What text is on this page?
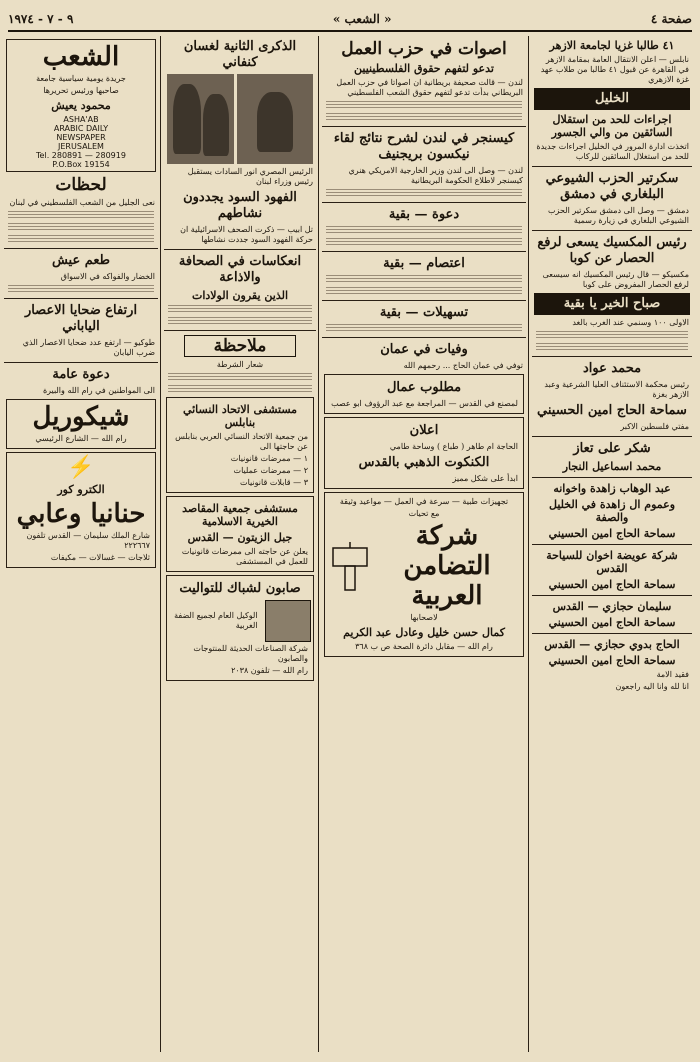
صفحة ٤
« الشعب »
٩ - ٧ - ١٩٧٤
٤١ طالبا غزيا لجامعة الازهر
نابلس — اعلن الانتقال العامة بمقامة الازهر في القاهرة عن قبول ٤١ طالبا من طلاب عهد غزة الازهري
الخليل
اجراءات للحد من استقلال السائقين من والي الجسور
اتخذت ادارة المرور في الخليل اجراءات جديدة للحد من استغلال السائقين للركاب
سكرتير الحزب الشيوعي البلغاري في دمشق
دمشق — وصل الى دمشق سكرتير الحزب الشيوعي البلغاري في زيارة رسمية
رئيس المكسيك يسعى لرفع الحصار عن كوبا
مكسيكو — قال رئيس المكسيك انه سيسعى لرفع الحصار المفروض على كوبا
صباح الخير يا بقية
الاولى ١٠٠ وسنمي عند الغرب بالغد
محمد عواد
رئيس محكمة الاستئناف العليا الشرعية وعبد الازهر بغزة
سماحة الحاج امين الحسيني
مفتي فلسطين الاكبر
شكر على تعاز
محمد اسماعيل النجار
عبد الوهاب زاهدة واخوانه
وعموم ال زاهدة في الخليل والصفة
سماحة الحاج امين الحسيني
شركة عويضة اخوان للسياحة القدس
سماحة الحاج امين الحسيني
سليمان حجازي — القدس
سماحة الحاج امين الحسيني
الحاج بدوي حجازي — القدس
سماحة الحاج امين الحسيني
فقيد الامة
انا لله وانا اليه راجعون
اصوات في حزب العمل
تدعو لتفهم حقوق الفلسطينيين
لندن — قالت صحيفة بريطانية ان اصواتا في حزب العمل البريطاني بدأت تدعو لتفهم حقوق الشعب الفلسطيني
كيسنجر في لندن لشرح نتائج لقاء نيكسون بريجنيف
لندن — وصل الى لندن وزير الخارجية الامريكي هنري كيسنجر لاطلاع الحكومة البريطانية
دعوة — بقية
اعتصام — بقية
تسهيلات — بقية
وفيات في عمان
توفي في عمان الحاج ... رحمهم الله
مطلوب عمال
لمصنع في القدس — المراجعة مع عبد الرؤوف ابو عصب
اعلان
الحاجة ام طاهر ( طباع ) وساحة طامي
الكنكوت الذهبي بالقدس
ابدأ على شكل مميز
تجهيزات طبية — سرعة في العمل — مواعيد وثيقة
مع تحيات
شركة التضامن العربية
لاصحابها
كمال حسن خليل وعادل عبد الكريم
رام الله — مقابل دائرة الصحة ص ب ٣٦٨
الذكرى الثانية لغسان كنفاني
الرئيس المصري انور السادات يستقبل رئيس وزراء لبنان
الفهود السود يجددون نشاطهم
تل ابيب — ذكرت الصحف الاسرائيلية ان حركة الفهود السود جددت نشاطها
انعكاسات في الصحافة والاذاعة
الذين يقرون الولادات
ملاحظة
شعار الشرطة
مستشفى الاتحاد النسائي بنابلس
من جمعية الاتحاد النسائي العربي بنابلس عن حاجتها الى
١ — ممرضات قانونيات
٢ — ممرضات عمليات
٣ — قابلات قانونيات
مستشفى جمعية المقاصد الخيرية الاسلامية
جبل الزيتون — القدس
يعلن عن حاجته الى ممرضات قانونيات للعمل في المستشفى
صابون لشباك للتواليت
الوكيل العام لجميع الضفة الغربية
شركة الصناعات الحديثة للمنتوجات والصابون
رام الله — تلفون ٢٠٣٨
الشعب
جريدة يومية سياسية جامعة
صاحبها ورئيس تحريرها
محمود يعيش
ASHA'AB
ARABIC DAILY
NEWSPAPER
JERUSALEM
Tel. 280891 — 280919
P.O.Box 19154
لحظات
نعى الجليل من الشعب الفلسطيني في لبنان
طعم عيش
الخضار والفواكه في الاسواق
ارتفاع ضحايا الاعصار الياباني
طوكيو — ارتفع عدد ضحايا الاعصار الذي ضرب اليابان
دعوة عامة
الى المواطنين في رام الله والبيرة
شيكوريل
رام الله — الشارع الرئيسي
⚡
الكترو كور
حنانيا وعابي
شارع الملك سليمان — القدس تلفون ٢٢٢٦٦٧
ثلاجات — غسالات — مكيفات
